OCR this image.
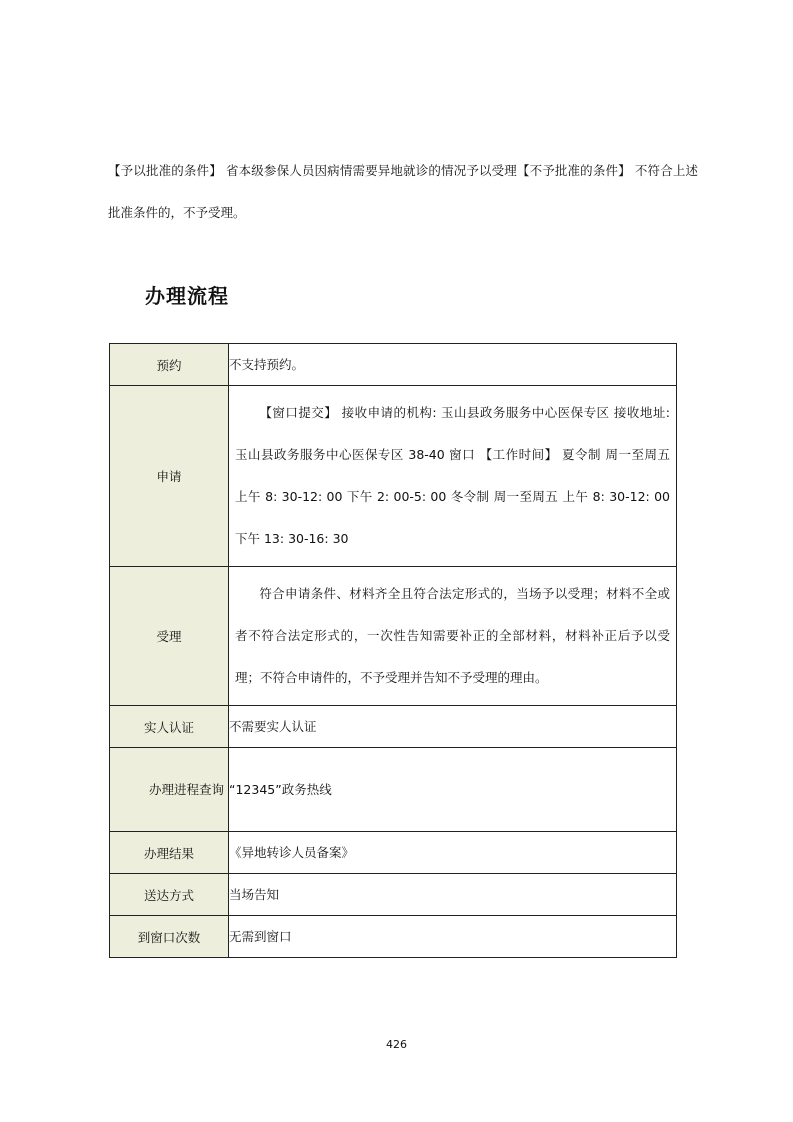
【予以批准的条件】 省本级参保人员因病情需要异地就诊的情况予以受理【不予批准的条件】 不符合上述批准条件的，不予受理。

办理流程
预约	不支持预约。
申请	【窗口提交】 接收申请的机构: 玉山县政务服务中心医保专区 接收地址: 玉山县政务服务中心医保专区 38-40 窗口 【工作时间】 夏令制 周一至周五 上午 8: 30-12: 00 下午 2: 00-5: 00 冬令制 周一至周五 上午 8: 30-12: 00 下午 13: 30-16: 30
受理	符合申请条件、材料齐全且符合法定形式的，当场予以受理；材料不全或者不符合法定形式的，一次性告知需要补正的全部材料，材料补正后予以受理；不符合申请件的，不予受理并告知不予受理的理由。
实人认证	不需要实人认证
办理进程查询	“12345”政务热线
办理结果	《异地转诊人员备案》
送达方式	当场告知
到窗口次数	无需到窗口

426
